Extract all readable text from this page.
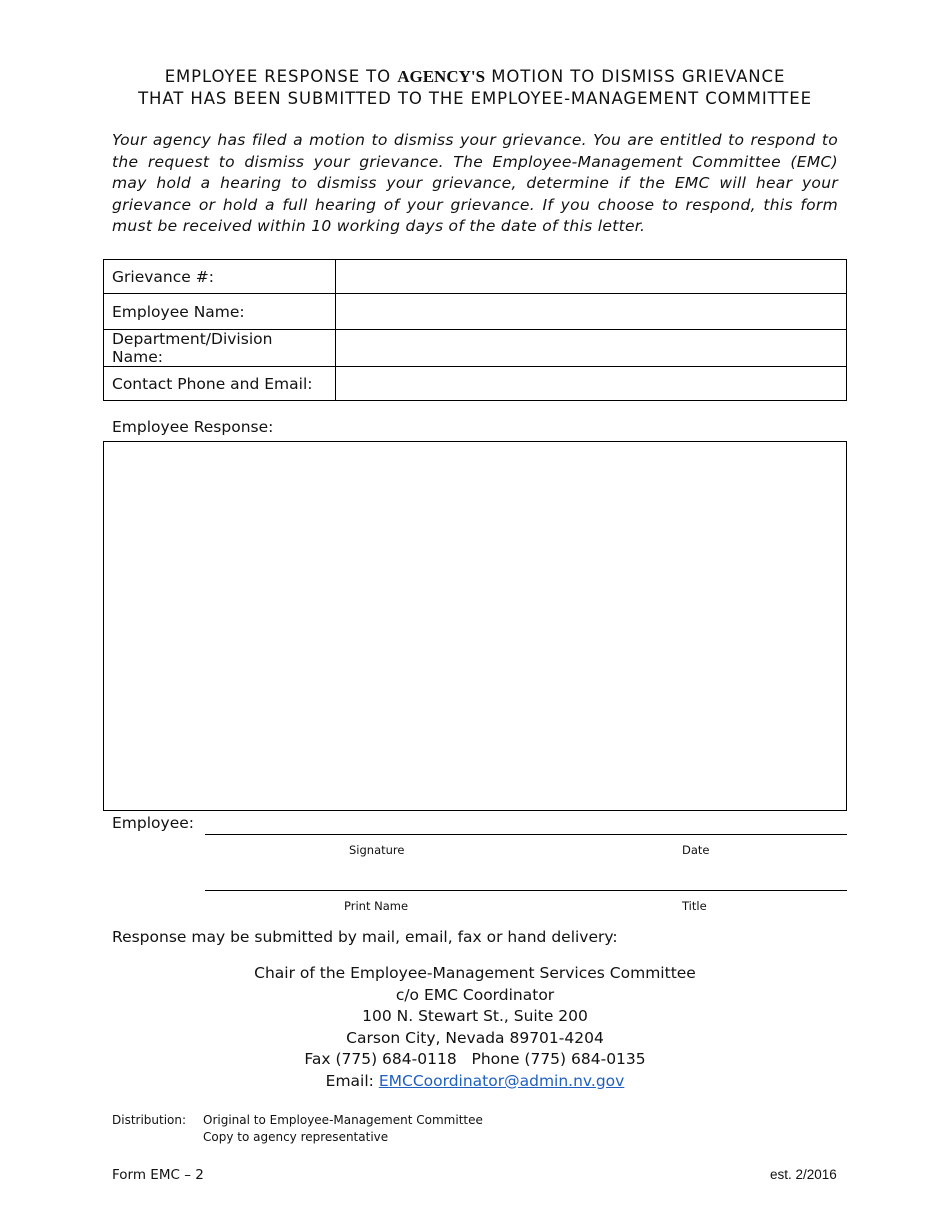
EMPLOYEE RESPONSE TO AGENCY'S MOTION TO DISMISS GRIEVANCE
THAT HAS BEEN SUBMITTED TO THE EMPLOYEE-MANAGEMENT COMMITTEE
Your agency has filed a motion to dismiss your grievance. You are entitled to respond to the request to dismiss your grievance. The Employee-Management Committee (EMC) may hold a hearing to dismiss your grievance, determine if the EMC will hear your grievance or hold a full hearing of your grievance. If you choose to respond, this form must be received within 10 working days of the date of this letter.
Grievance #:	
Employee Name:	
Department/Division Name:	
Contact Phone and Email:	
Employee Response:
Employee:
Signature	Date
Print Name	Title
Response may be submitted by mail, email, fax or hand delivery:
Chair of the Employee-Management Services Committee
c/o EMC Coordinator
100 N. Stewart St., Suite 200
Carson City, Nevada 89701-4204
Fax (775) 684-0118 Phone (775) 684-0135
Email: EMCCoordinator@admin.nv.gov
Distribution: Original to Employee-Management Committee
Copy to agency representative
Form EMC – 2	est. 2/2016
